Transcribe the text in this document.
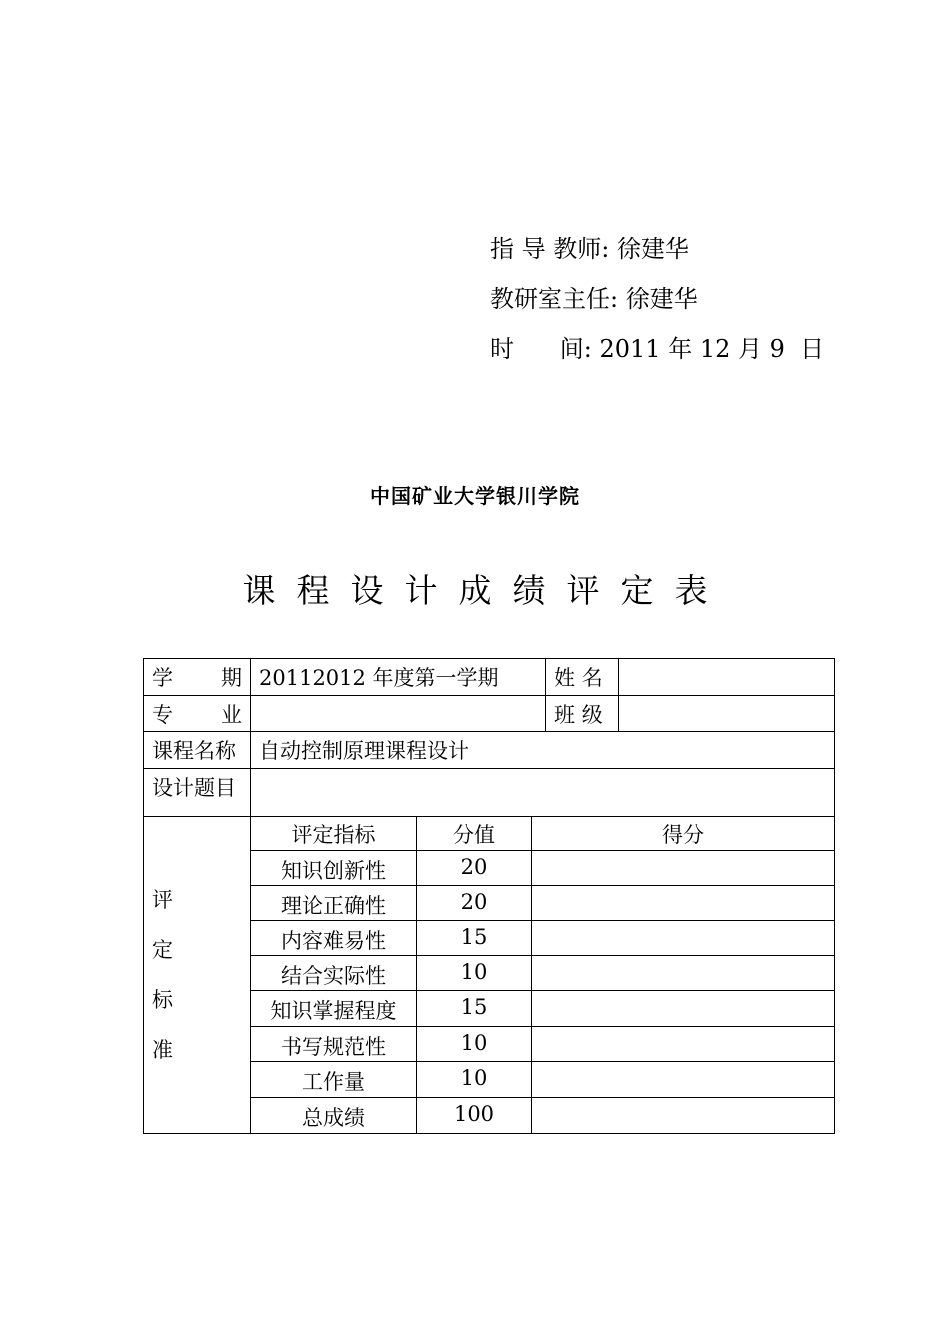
指 导 教师: 徐建华
教研室主任: 徐建华
时      间: 2011 年 12 月 9  日
中国矿业大学银川学院
课程设计成绩评定表
学 期	20112012 年度第一学期			姓 名	

专 业				班 级	
课程名称	自动控制原理课程设计				
设计题目					

评
定
标
准	评定指标	分值	得分		
	知识创新性	20			
	理论正确性	20			
	内容难易性	15			
	结合实际性	10			
	知识掌握程度	15			
	书写规范性	10			
	工作量	10			
	总成绩	100			
